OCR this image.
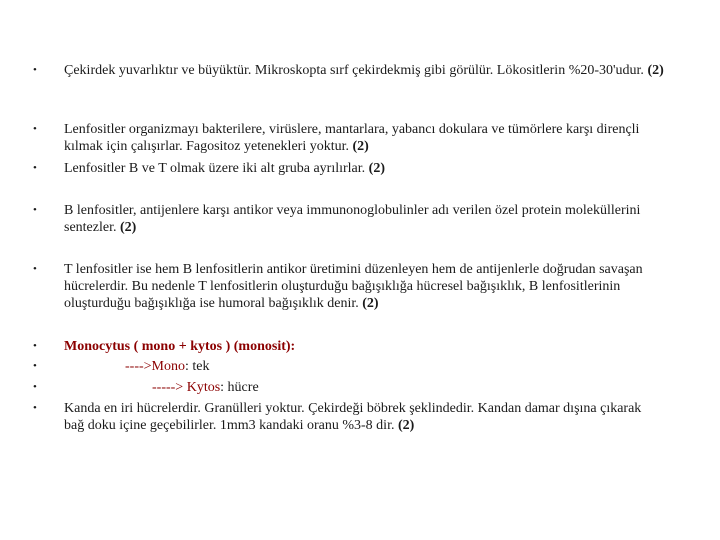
• Çekirdek yuvarlıktır ve büyüktür. Mikroskopta sırf çekirdekmiş gibi görülür. Lökositlerin %20-30'udur. (2)
• Lenfositler organizmayı bakterilere, virüslere, mantarlara, yabancı dokulara ve tümörlere karşı dirençli kılmak için çalışırlar. Fagositoz yetenekleri yoktur. (2)
• Lenfositler B ve T olmak üzere iki alt gruba ayrılırlar. (2)
• B lenfositler, antijenlere karşı antikor veya immunonoglobulinler adı verilen özel protein moleküllerini sentezler. (2)
• T lenfositler ise hem B lenfositlerin antikor üretimini düzenleyen hem de antijenlerle doğrudan savaşan hücrelerdir. Bu nedenle T lenfositlerin oluşturduğu bağışıklığa hücresel bağışıklık, B lenfositlerinin oluşturduğu bağışıklığa ise humoral bağışıklık denir. (2)
• Monocytus ( mono + kytos ) (monosit):
•	---->Mono: tek
•	-----> Kytos: hücre
• Kanda en iri hücrelerdir. Granülleri yoktur. Çekirdeği böbrek şeklindedir. Kandan damar dışına çıkarak bağ doku içine geçebilirler. 1mm3 kandaki oranu %3-8 dir. (2)
